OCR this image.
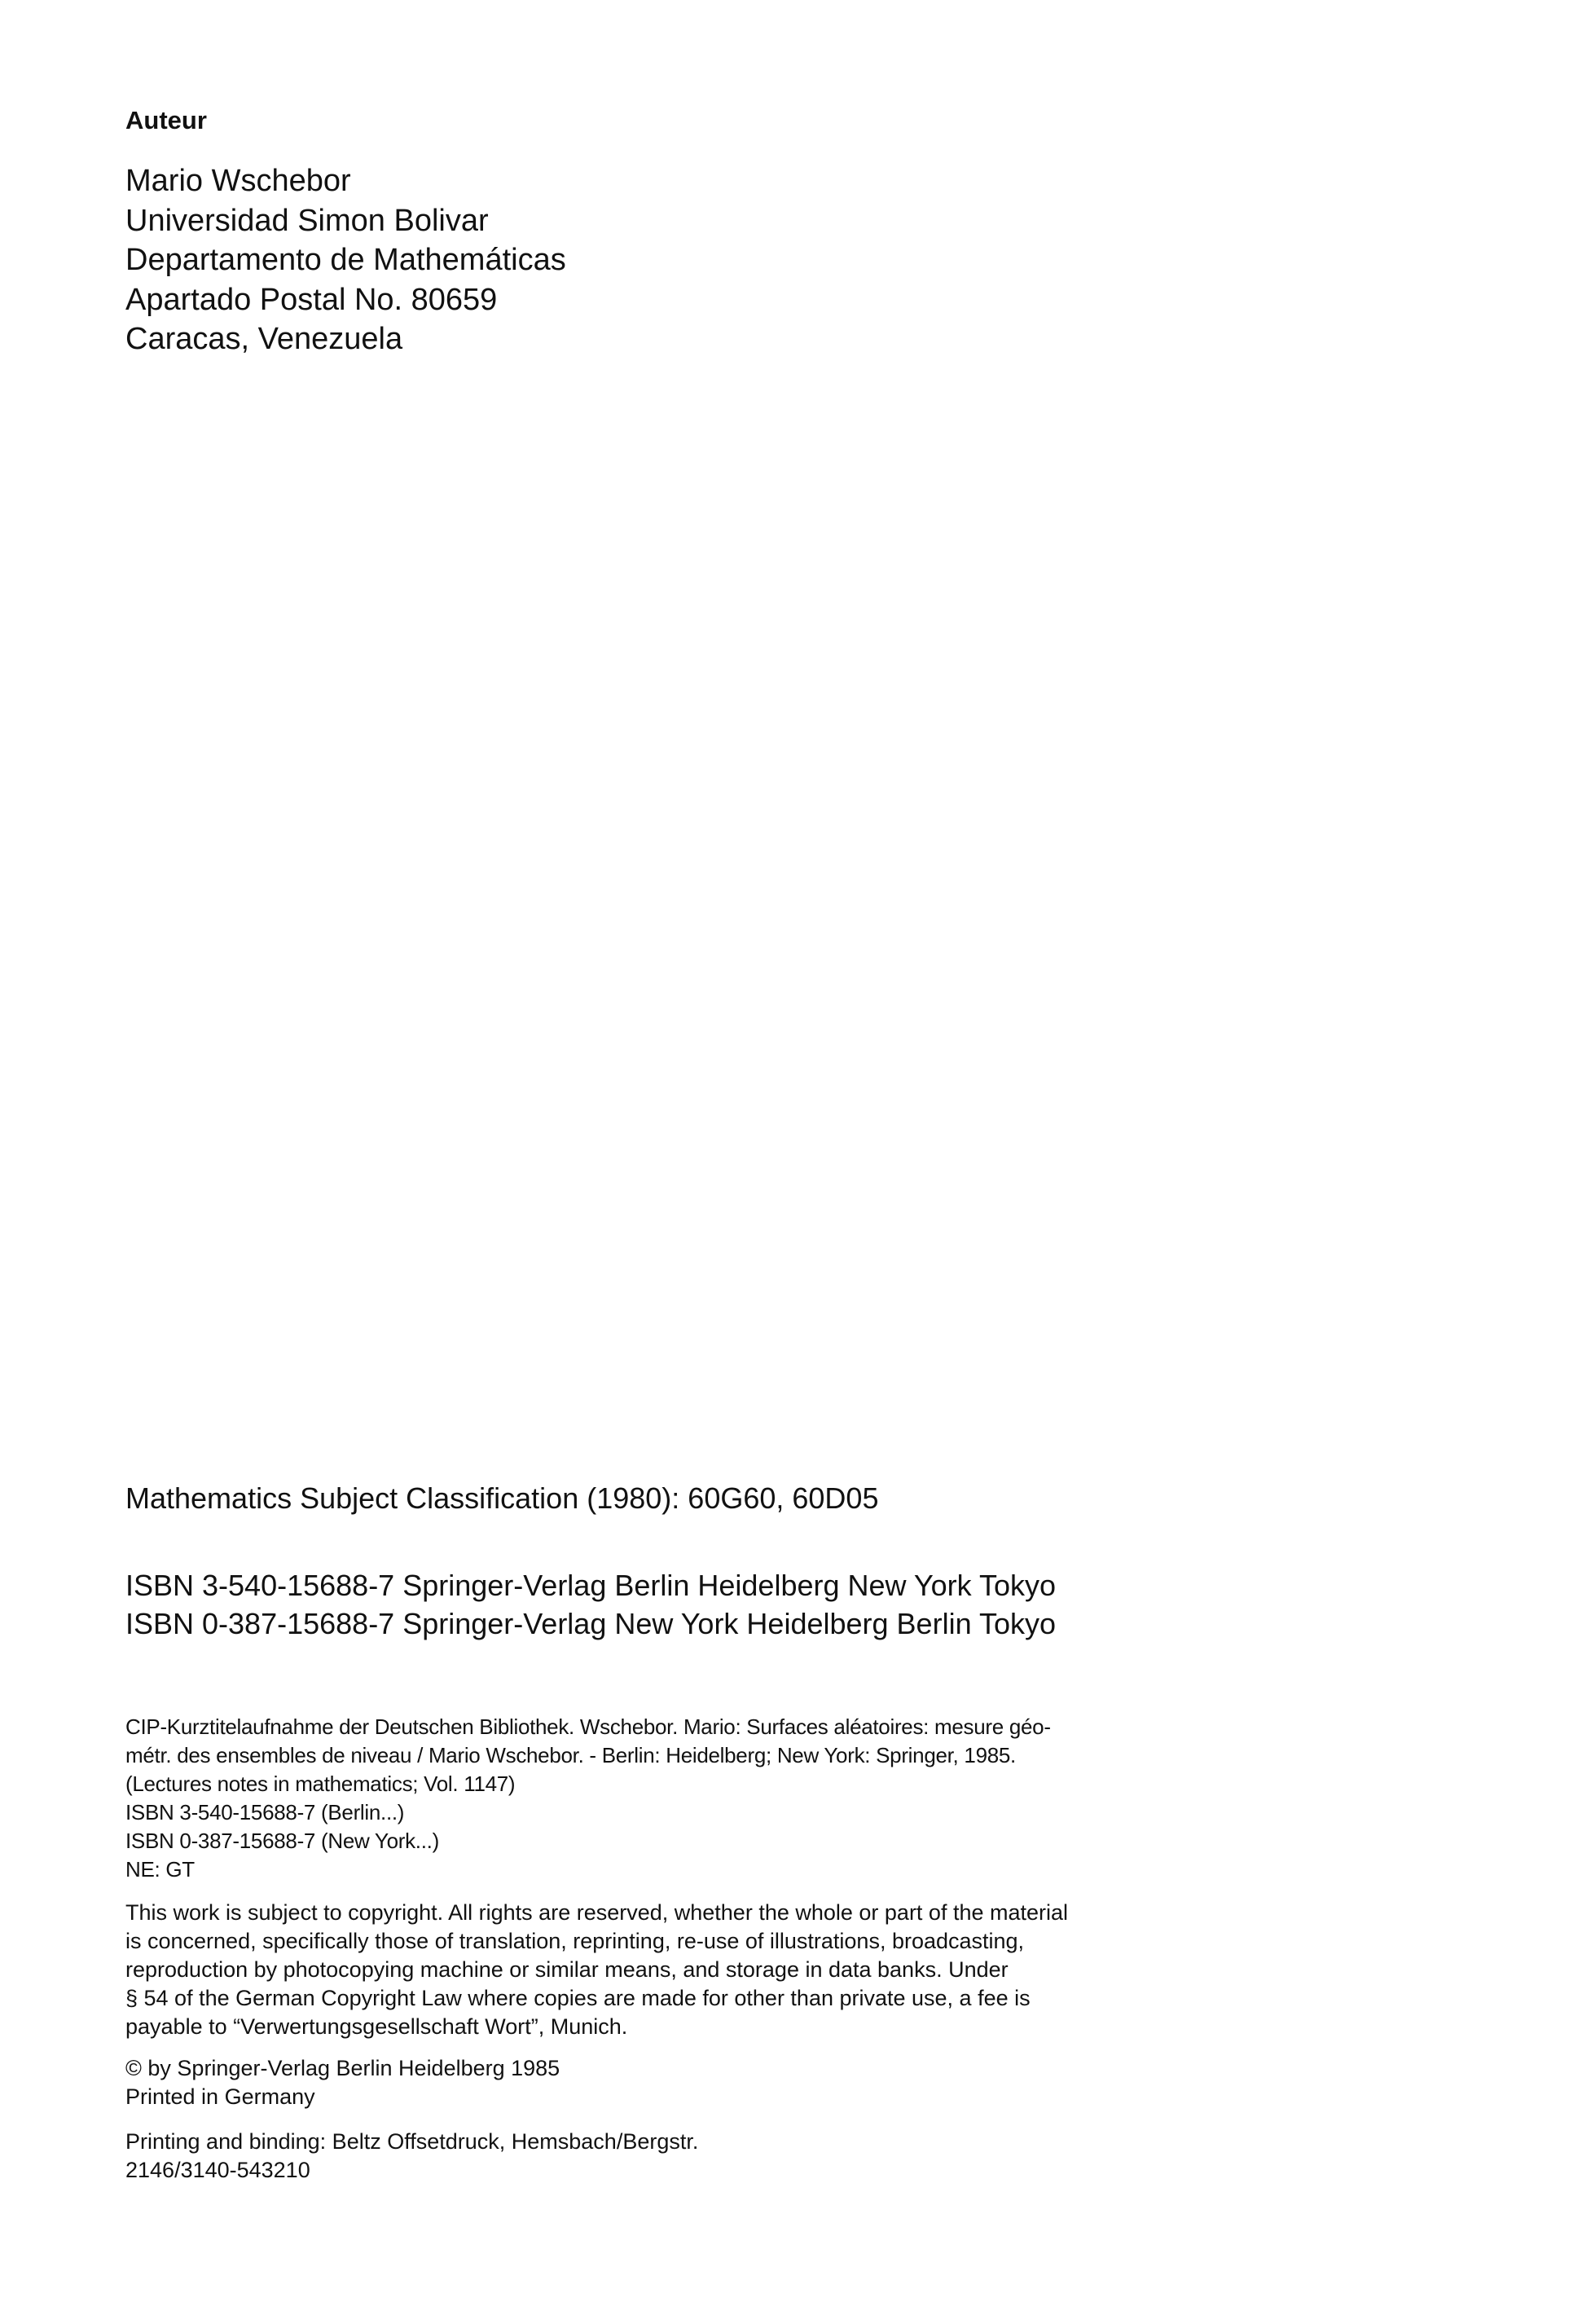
Auteur
Mario Wschebor
Universidad Simon Bolivar
Departamento de Mathemáticas
Apartado Postal No. 80659
Caracas, Venezuela
Mathematics Subject Classification (1980): 60G60, 60D05
ISBN 3-540-15688-7 Springer-Verlag Berlin Heidelberg New York Tokyo
ISBN 0-387-15688-7 Springer-Verlag New York Heidelberg Berlin Tokyo
CIP-Kurztitelaufnahme der Deutschen Bibliothek. Wschebor. Mario: Surfaces aléatoires: mesure géo-
métr. des ensembles de niveau / Mario Wschebor. - Berlin: Heidelberg; New York: Springer, 1985.
(Lectures notes in mathematics; Vol. 1147)
ISBN 3-540-15688-7 (Berlin...)
ISBN 0-387-15688-7 (New York...)
NE: GT
This work is subject to copyright. All rights are reserved, whether the whole or part of the material
is concerned, specifically those of translation, reprinting, re-use of illustrations, broadcasting,
reproduction by photocopying machine or similar means, and storage in data banks. Under
§ 54 of the German Copyright Law where copies are made for other than private use, a fee is
payable to “Verwertungsgesellschaft Wort”, Munich.
© by Springer-Verlag Berlin Heidelberg 1985
Printed in Germany
Printing and binding: Beltz Offsetdruck, Hemsbach/Bergstr.
2146/3140-543210
